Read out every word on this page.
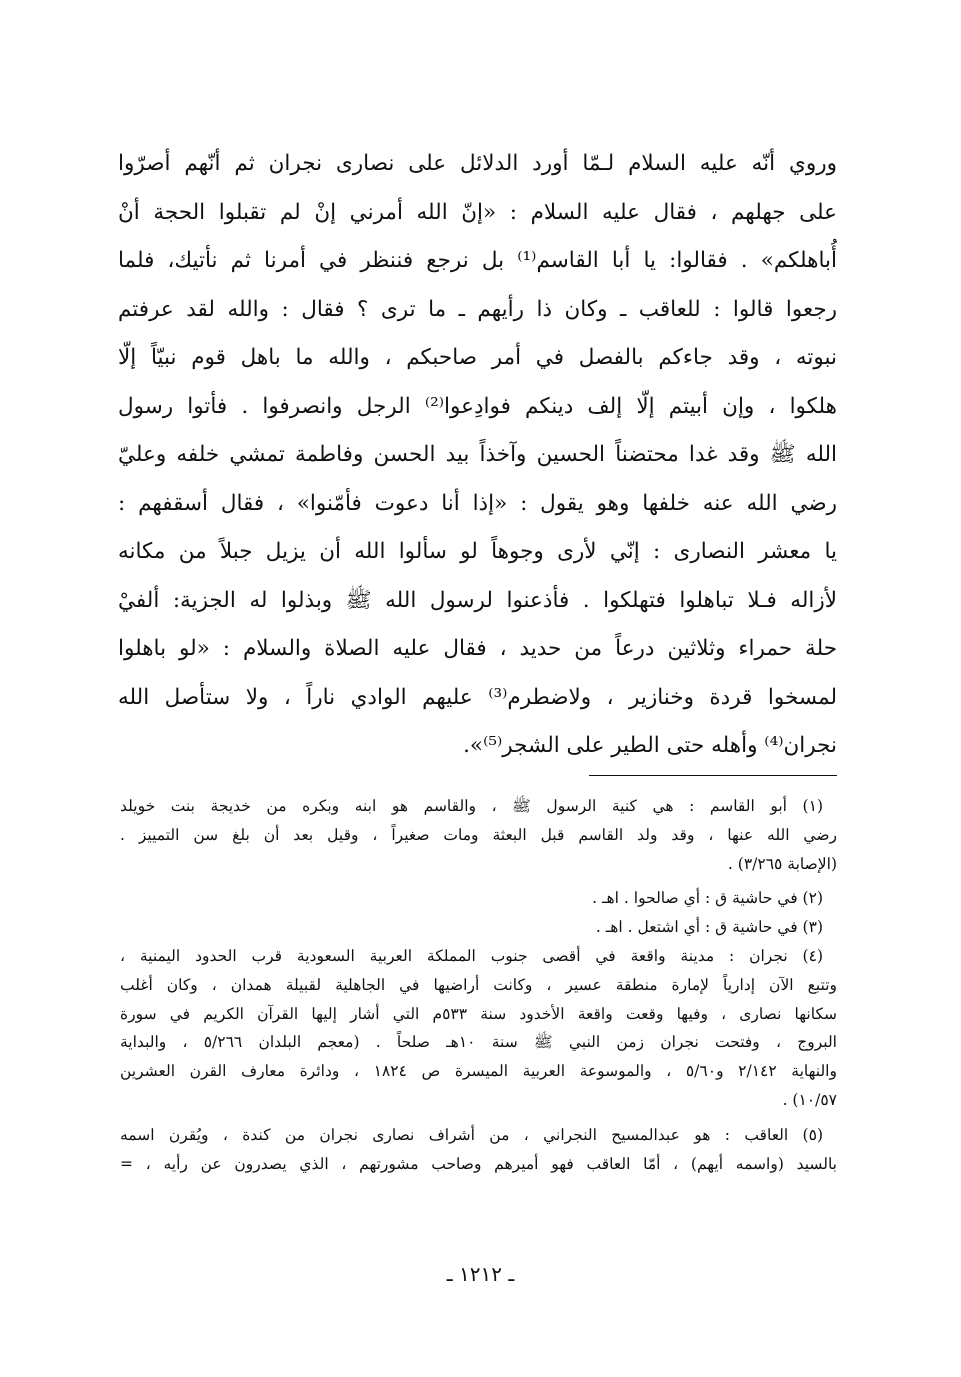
وروي أنّه عليه السلام لـمّا أورد الدلائل على نصارى نجران ثم أنّهم أصرّوا
على جهلهم ، فقال عليه السلام : «إنّ الله أمرني إنْ لم تقبلوا الحجة أنْ
أُباهلكم» . فقالوا: يا أبا القاسم⁽¹⁾ بل نرجع فننظر في أمرنا ثم نأتيك، فلما
رجعوا قالوا : للعاقب ـ وكان ذا رأيهم ـ ما ترى ؟ فقال : والله لقد عرفتم
نبوته ، وقد جاءكم بالفصل في أمر صاحبكم ، والله ما باهل قوم نبيّاً إلّا
هلكوا ، وإن أبيتم إلّا إلف دينكم فوادِعوا⁽²⁾ الرجل وانصرفوا . فأتوا رسول
الله ﷺ وقد غدا محتضناً الحسين وآخذاً بيد الحسن وفاطمة تمشي خلفه وعليّ
رضي الله عنه خلفها وهو يقول : «إذا أنا دعوت فأمّنوا» ، فقال أسقفهم :
يا معشر النصارى : إنّي لأرى وجوهاً لو سألوا الله أن يزيل جبلاً من مكانه
لأزاله فـلا تباهلوا فتهلكوا . فأذعنوا لرسول الله ﷺ وبذلوا له الجزية: ألفيْ
حلة حمراء وثلاثين درعاً من حديد ، فقال عليه الصلاة والسلام : «لو باهلوا
لمسخوا قردة وخنازير ، ولاضطرم⁽³⁾ عليهم الوادي ناراً ، ولا ستأصل الله
نجران⁽⁴⁾ وأهله حتى الطير على الشجر⁽⁵⁾».
(١) أبو القاسم : هي كنية الرسول ﷺ ، والقاسم هو ابنه وبكره من خديجة بنت خويلد
رضي الله عنها ، وقد ولد القاسم قبل البعثة ومات صغيراً ، وقيل بعد أن بلغ سن التمييز .
(الإصابة ٣/٢٦٥) .
(٢) في حاشية ق : أي صالحوا . اهـ .
(٣) في حاشية ق : أي اشتعل . اهـ .
(٤) نجران : مدينة واقعة في أقصى جنوب المملكة العربية السعودية قرب الحدود اليمنية ،
وتتبع الآن إدارياً لإمارة منطقة عسير ، وكانت أراضيها في الجاهلية لقبيلة همدان ، وكان أغلب
سكانها نصارى ، وفيها وقعت واقعة الأخدود سنة ٥٣٣م التي أشار إليها القرآن الكريم في سورة
البروج ، وفتحت نجران زمن النبي ﷺ سنة ١٠هـ صلحاً . (معجم البلدان ٥/٢٦٦ ، والبداية
والنهاية ٢/١٤٢ و٥/٦٠ ، والموسوعة العربية الميسرة ص ١٨٢٤ ، ودائرة معارف القرن العشرين
١٠/٥٧) .
(٥) العاقب : هو عبدالمسيح النجراني ، من أشراف نصارى نجران من كندة ، ويُقرن اسمه
بالسيد (واسمه أيهم) ، أمّا العاقب فهو أميرهم وصاحب مشورتهم ، الذي يصدرون عن رأيه ، =
ـ ١٢١٢ ـ
